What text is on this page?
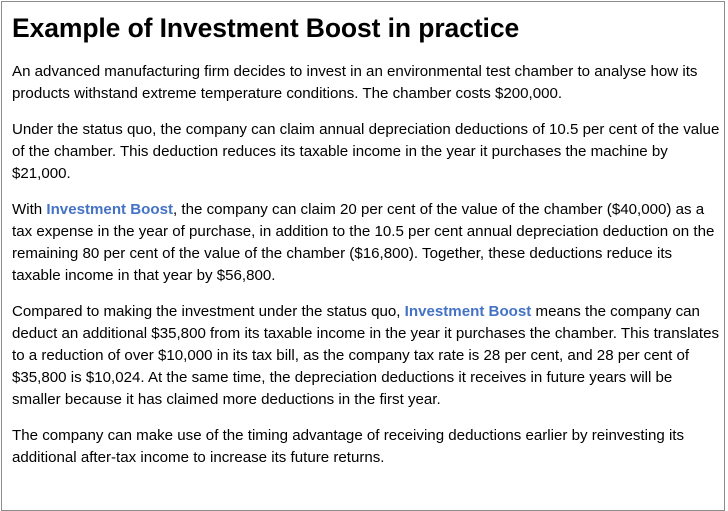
Example of Investment Boost in practice

An advanced manufacturing firm decides to invest in an environmental test chamber to analyse how its products withstand extreme temperature conditions. The chamber costs $200,000.

Under the status quo, the company can claim annual depreciation deductions of 10.5 per cent of the value of the chamber. This deduction reduces its taxable income in the year it purchases the machine by $21,000.

With Investment Boost, the company can claim 20 per cent of the value of the chamber ($40,000) as a tax expense in the year of purchase, in addition to the 10.5 per cent annual depreciation deduction on the remaining 80 per cent of the value of the chamber ($16,800). Together, these deductions reduce its taxable income in that year by $56,800.

Compared to making the investment under the status quo, Investment Boost means the company can deduct an additional $35,800 from its taxable income in the year it purchases the chamber. This translates to a reduction of over $10,000 in its tax bill, as the company tax rate is 28 per cent, and 28 per cent of $35,800 is $10,024. At the same time, the depreciation deductions it receives in future years will be smaller because it has claimed more deductions in the first year.

The company can make use of the timing advantage of receiving deductions earlier by reinvesting its additional after-tax income to increase its future returns.
